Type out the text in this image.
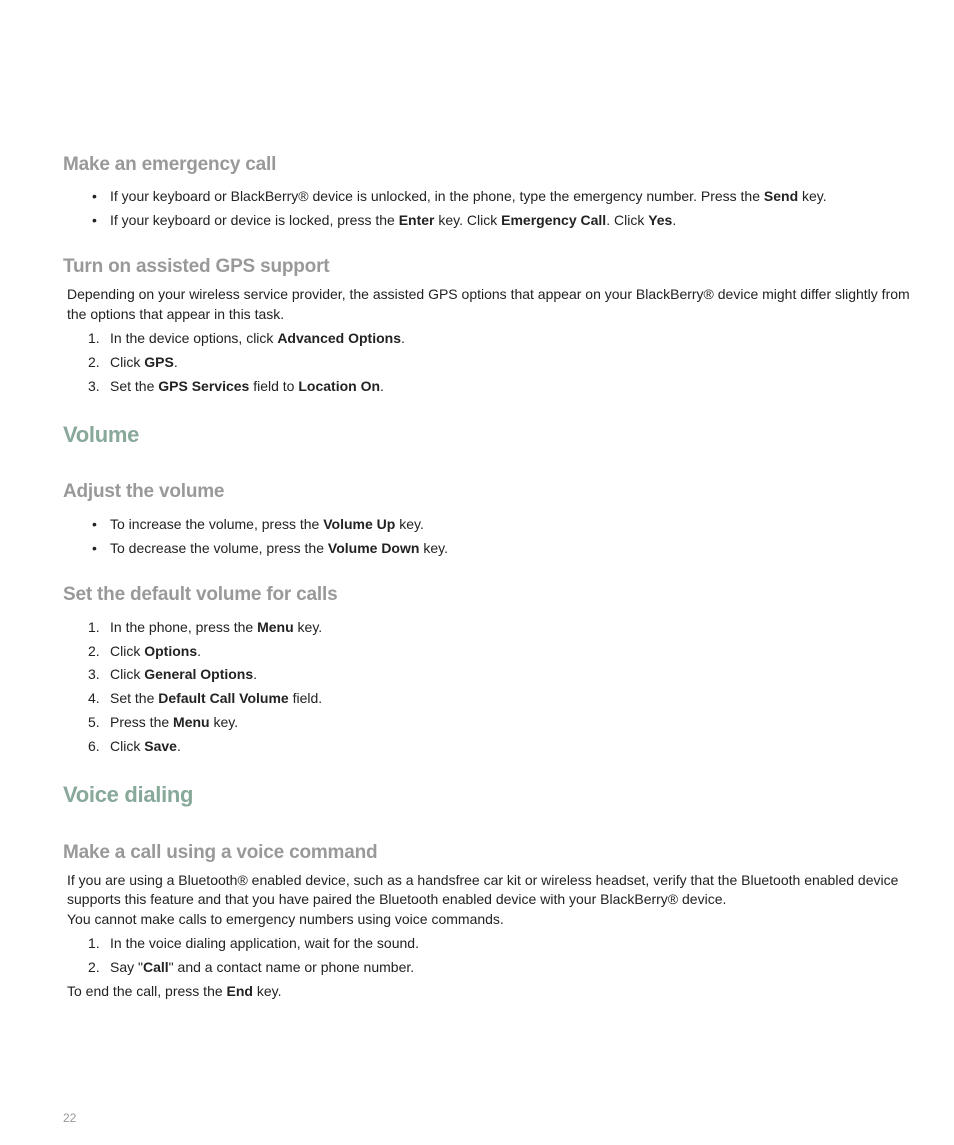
Make an emergency call
• If your keyboard or BlackBerry® device is unlocked, in the phone, type the emergency number. Press the Send key.
• If your keyboard or device is locked, press the Enter key. Click Emergency Call. Click Yes.
Turn on assisted GPS support
Depending on your wireless service provider, the assisted GPS options that appear on your BlackBerry® device might differ slightly from
the options that appear in this task.
1. In the device options, click Advanced Options.
2. Click GPS.
3. Set the GPS Services field to Location On.
Volume
Adjust the volume
• To increase the volume, press the Volume Up key.
• To decrease the volume, press the Volume Down key.
Set the default volume for calls
1. In the phone, press the Menu key.
2. Click Options.
3. Click General Options.
4. Set the Default Call Volume field.
5. Press the Menu key.
6. Click Save.
Voice dialing
Make a call using a voice command
If you are using a Bluetooth® enabled device, such as a handsfree car kit or wireless headset, verify that the Bluetooth enabled device
supports this feature and that you have paired the Bluetooth enabled device with your BlackBerry® device.
You cannot make calls to emergency numbers using voice commands.
1. In the voice dialing application, wait for the sound.
2. Say "Call" and a contact name or phone number.
To end the call, press the End key.
22
